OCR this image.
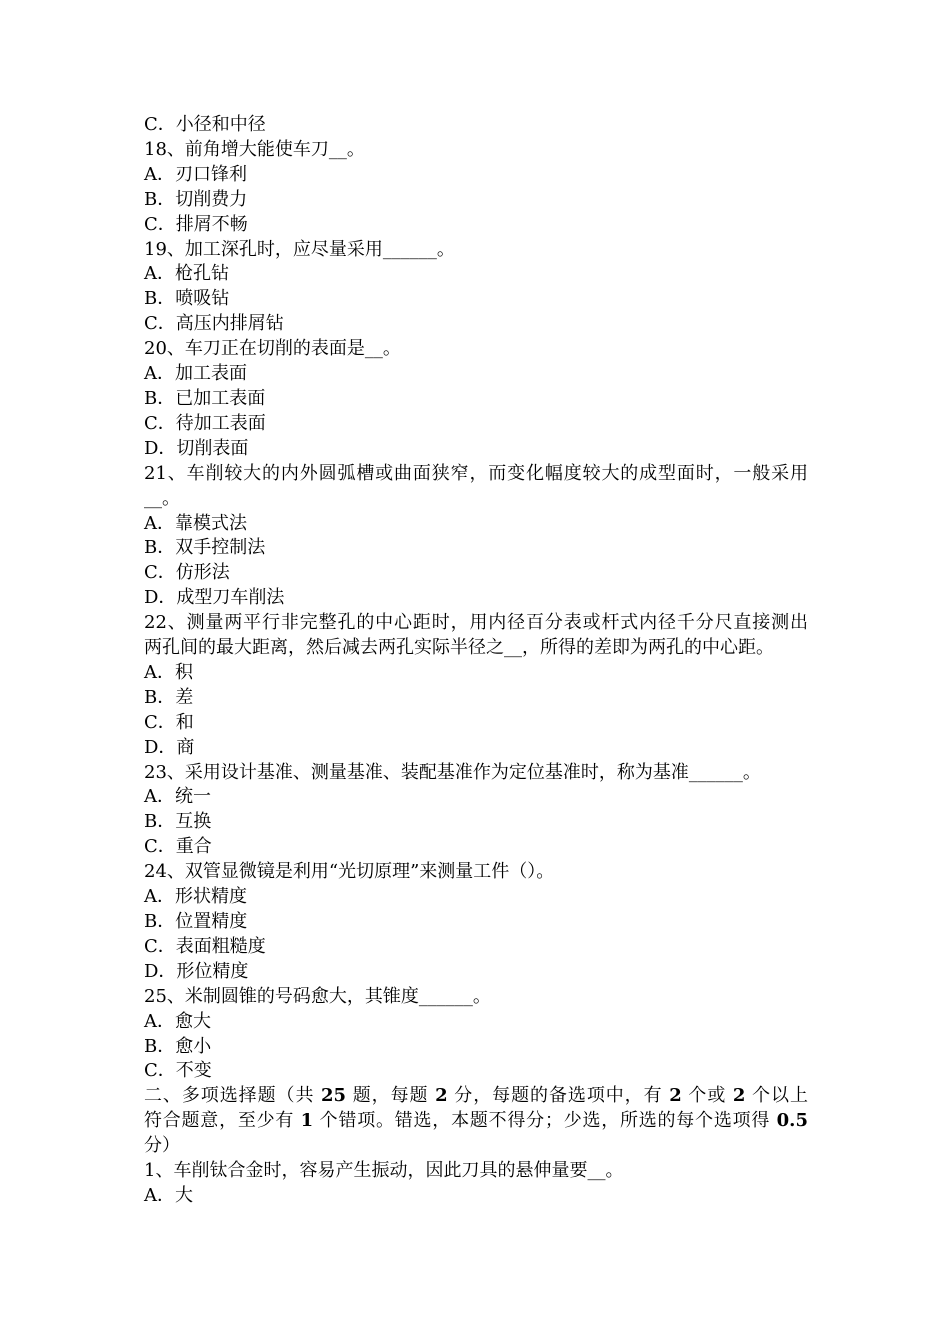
C．小径和中径
18、前角增大能使车刀__。
A．刃口锋利
B．切削费力
C．排屑不畅
19、加工深孔时，应尽量采用______。
A．枪孔钻
B．喷吸钻
C．高压内排屑钻
20、车刀正在切削的表面是__。
A．加工表面
B．已加工表面
C．待加工表面
D．切削表面
21、车削较大的内外圆弧槽或曲面狭窄，而变化幅度较大的成型面时，一般采用
__。
A．靠模式法
B．双手控制法
C．仿形法
D．成型刀车削法
22、测量两平行非完整孔的中心距时，用内径百分表或杆式内径千分尺直接测出
两孔间的最大距离，然后减去两孔实际半径之__，所得的差即为两孔的中心距。
A．积
B．差
C．和
D．商
23、采用设计基准、测量基准、装配基准作为定位基准时，称为基准______。
A．统一
B．互换
C．重合
24、双管显微镜是利用“光切原理”来测量工件（）。
A．形状精度
B．位置精度
C．表面粗糙度
D．形位精度
25、米制圆锥的号码愈大，其锥度______。
A．愈大
B．愈小
C．不变
二、多项选择题（共 25 题，每题 2 分，每题的备选项中，有 2 个或 2 个以上
符合题意，至少有 1 个错项。错选，本题不得分；少选，所选的每个选项得 0.5
分）
1、车削钛合金时，容易产生振动，因此刀具的悬伸量要__。
A．大
